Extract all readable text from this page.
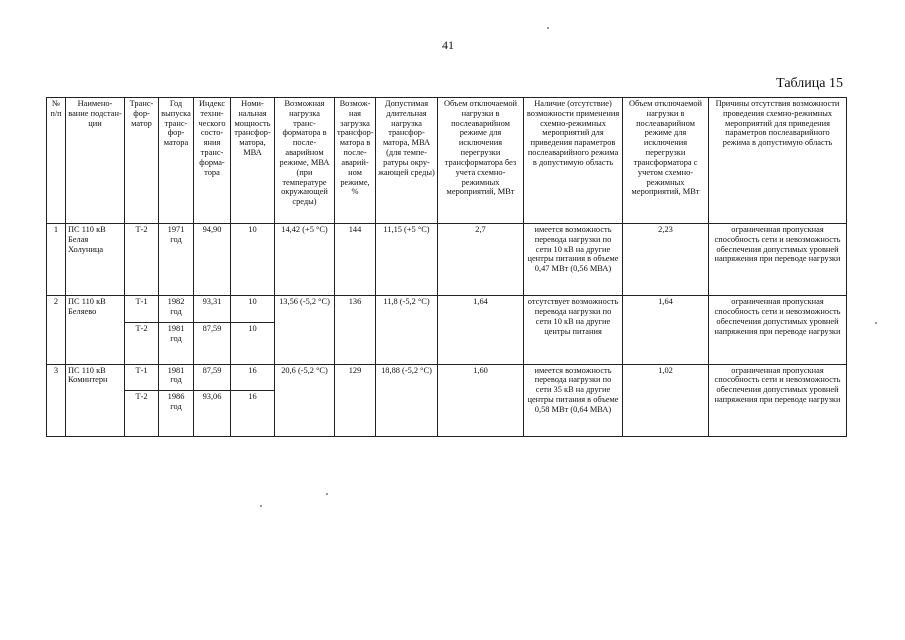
41
Таблица 15
№ п/п	Наимено-вание подстан-ции	Транс-фор-матор	Год выпуска транс-фор-матора	Индекс техни-ческого состо-яния транс-форма-тора	Номи-нальная мощность трансфор-матора, МВА	Возможная нагрузка транс-форматора в после-аварийном режиме, МВА (при температуре окружающей среды)	Возмож-ная загрузка трансфор-матора в после-аварий-ном режиме, %	Допустимая длительная нагрузка трансфор-матора, МВА (для темпе-ратуры окру-жающей среды)	Объем отключаемой нагрузки в послеаварийном режиме для исключения перегрузки трансформатора без учета схемно-режимных мероприятий, МВт	Наличие (отсутствие) возможности применения схемно-режимных мероприятий для приведения параметров послеаварийного режима в допустимую область	Объем отключаемой нагрузки в послеаварийном режиме для исключения перегрузки трансформатора с учетом схемно-режимных мероприятий, МВт	Причины отсутствия возможности проведения схемно-режимных мероприятий для приведения параметров послеаварийного режима в допустимую область
1	ПС 110 кВ Белая Холуница	Т-2	1971 год	94,90	10	14,42 (+5 °С)	144	11,15 (+5 °С)	2,7	имеется возможность перевода нагрузки по сети 10 кВ на другие центры питания в объеме 0,47 МВт (0,56 МВА)	2,23	ограниченная пропускная способность сети и невозможность обеспечения допустимых уровней напряжения при переводе нагрузки
2	ПС 110 кВ Беляево	Т-1	1982 год	93,31	10	13,56 (-5,2 °С)	136	11,8 (-5,2 °С)	1,64	отсутствует возможность перевода нагрузки по сети 10 кВ на другие центры питания	1,64	ограниченная пропускная способность сети и невозможность обеспечения допустимых уровней напряжения при переводе нагрузки
		Т-2	1981 год	87,59	10							
3	ПС 110 кВ Коминтерн	Т-1	1981 год	87,59	16	20,6 (-5,2 °С)	129	18,88 (-5,2 °С)	1,60	имеется возможность перевода нагрузки по сети 35 кВ на другие центры питания в объеме 0,58 МВт (0,64 МВА)	1,02	ограниченная пропускная способность сети и невозможность обеспечения допустимых уровней напряжения при переводе нагрузки
		Т-2	1986 год	93,06	16							
